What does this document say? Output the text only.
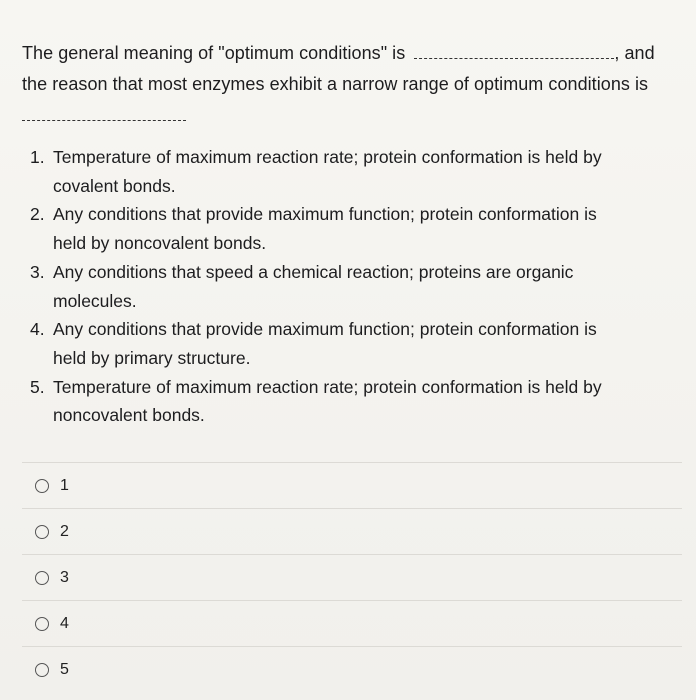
The general meaning of "optimum conditions" is	, and
the reason that most enzymes exhibit a narrow range of optimum conditions is
1. Temperature of maximum reaction rate; protein conformation is held by
covalent bonds.
2. Any conditions that provide maximum function; protein conformation is
held by noncovalent bonds.
3. Any conditions that speed a chemical reaction; proteins are organic
molecules.
4. Any conditions that provide maximum function; protein conformation is
held by primary structure.
5. Temperature of maximum reaction rate; protein conformation is held by
noncovalent bonds.
1
2
3
4
5
